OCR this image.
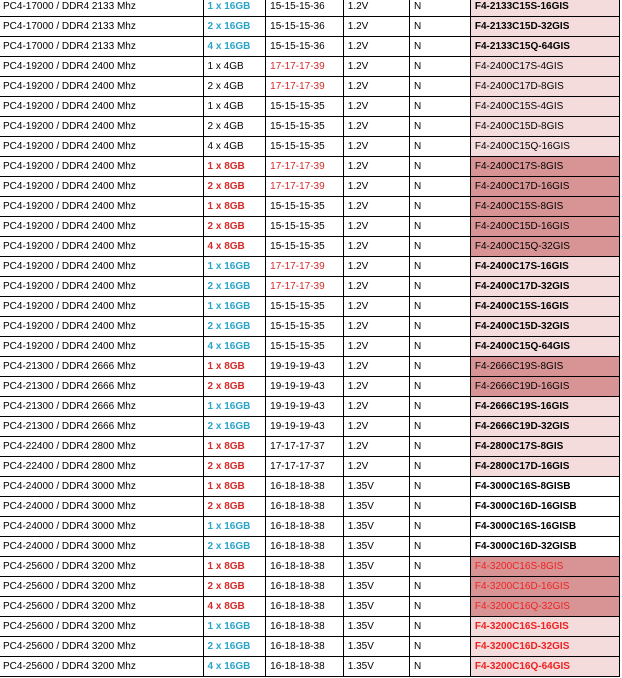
PC4-17000 / DDR4 2133 Mhz	1 x 16GB	15-15-15-36	1.2V	N	F4-2133C15S-16GIS
PC4-17000 / DDR4 2133 Mhz	2 x 16GB	15-15-15-36	1.2V	N	F4-2133C15D-32GIS
PC4-17000 / DDR4 2133 Mhz	4 x 16GB	15-15-15-36	1.2V	N	F4-2133C15Q-64GIS
PC4-19200 / DDR4 2400 Mhz	1 x 4GB	17-17-17-39	1.2V	N	F4-2400C17S-4GIS
PC4-19200 / DDR4 2400 Mhz	2 x 4GB	17-17-17-39	1.2V	N	F4-2400C17D-8GIS
PC4-19200 / DDR4 2400 Mhz	1 x 4GB	15-15-15-35	1.2V	N	F4-2400C15S-4GIS
PC4-19200 / DDR4 2400 Mhz	2 x 4GB	15-15-15-35	1.2V	N	F4-2400C15D-8GIS
PC4-19200 / DDR4 2400 Mhz	4 x 4GB	15-15-15-35	1.2V	N	F4-2400C15Q-16GIS
PC4-19200 / DDR4 2400 Mhz	1 x 8GB	17-17-17-39	1.2V	N	F4-2400C17S-8GIS
PC4-19200 / DDR4 2400 Mhz	2 x 8GB	17-17-17-39	1.2V	N	F4-2400C17D-16GIS
PC4-19200 / DDR4 2400 Mhz	1 x 8GB	15-15-15-35	1.2V	N	F4-2400C15S-8GIS
PC4-19200 / DDR4 2400 Mhz	2 x 8GB	15-15-15-35	1.2V	N	F4-2400C15D-16GIS
PC4-19200 / DDR4 2400 Mhz	4 x 8GB	15-15-15-35	1.2V	N	F4-2400C15Q-32GIS
PC4-19200 / DDR4 2400 Mhz	1 x 16GB	17-17-17-39	1.2V	N	F4-2400C17S-16GIS
PC4-19200 / DDR4 2400 Mhz	2 x 16GB	17-17-17-39	1.2V	N	F4-2400C17D-32GIS
PC4-19200 / DDR4 2400 Mhz	1 x 16GB	15-15-15-35	1.2V	N	F4-2400C15S-16GIS
PC4-19200 / DDR4 2400 Mhz	2 x 16GB	15-15-15-35	1.2V	N	F4-2400C15D-32GIS
PC4-19200 / DDR4 2400 Mhz	4 x 16GB	15-15-15-35	1.2V	N	F4-2400C15Q-64GIS
PC4-21300 / DDR4 2666 Mhz	1 x 8GB	19-19-19-43	1.2V	N	F4-2666C19S-8GIS
PC4-21300 / DDR4 2666 Mhz	2 x 8GB	19-19-19-43	1.2V	N	F4-2666C19D-16GIS
PC4-21300 / DDR4 2666 Mhz	1 x 16GB	19-19-19-43	1.2V	N	F4-2666C19S-16GIS
PC4-21300 / DDR4 2666 Mhz	2 x 16GB	19-19-19-43	1.2V	N	F4-2666C19D-32GIS
PC4-22400 / DDR4 2800 Mhz	1 x 8GB	17-17-17-37	1.2V	N	F4-2800C17S-8GIS
PC4-22400 / DDR4 2800 Mhz	2 x 8GB	17-17-17-37	1.2V	N	F4-2800C17D-16GIS
PC4-24000 / DDR4 3000 Mhz	1 x 8GB	16-18-18-38	1.35V	N	F4-3000C16S-8GISB
PC4-24000 / DDR4 3000 Mhz	2 x 8GB	16-18-18-38	1.35V	N	F4-3000C16D-16GISB
PC4-24000 / DDR4 3000 Mhz	1 x 16GB	16-18-18-38	1.35V	N	F4-3000C16S-16GISB
PC4-24000 / DDR4 3000 Mhz	2 x 16GB	16-18-18-38	1.35V	N	F4-3000C16D-32GISB
PC4-25600 / DDR4 3200 Mhz	1 x 8GB	16-18-18-38	1.35V	N	F4-3200C16S-8GIS
PC4-25600 / DDR4 3200 Mhz	2 x 8GB	16-18-18-38	1.35V	N	F4-3200C16D-16GIS
PC4-25600 / DDR4 3200 Mhz	4 x 8GB	16-18-18-38	1.35V	N	F4-3200C16Q-32GIS
PC4-25600 / DDR4 3200 Mhz	1 x 16GB	16-18-18-38	1.35V	N	F4-3200C16S-16GIS
PC4-25600 / DDR4 3200 Mhz	2 x 16GB	16-18-18-38	1.35V	N	F4-3200C16D-32GIS
PC4-25600 / DDR4 3200 Mhz	4 x 16GB	16-18-18-38	1.35V	N	F4-3200C16Q-64GIS
